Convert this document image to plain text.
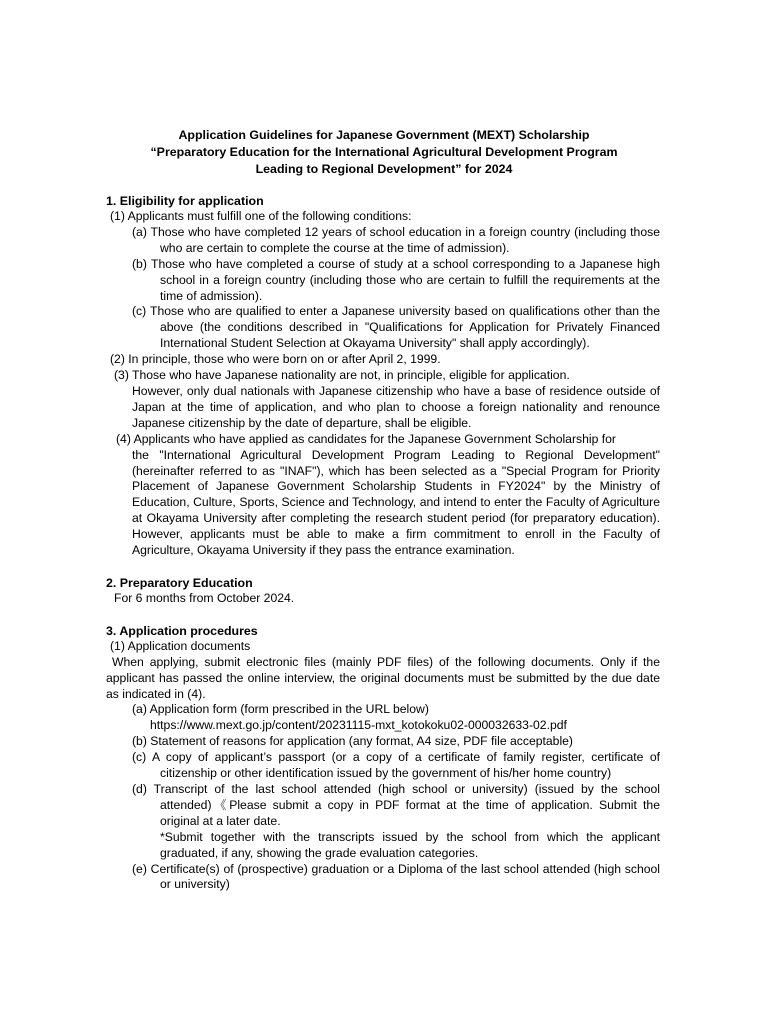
Application Guidelines for Japanese Government (MEXT) Scholarship
“Preparatory Education for the International Agricultural Development Program
Leading to Regional Development” for 2024
1. Eligibility for application

(1) Applicants must fulfill one of the following conditions:

(a) Those who have completed 12 years of school education in a foreign country (including those who are certain to complete the course at the time of admission).

(b) Those who have completed a course of study at a school corresponding to a Japanese high school in a foreign country (including those who are certain to fulfill the requirements at the time of admission).

(c) Those who are qualified to enter a Japanese university based on qualifications other than the above (the conditions described in "Qualifications for Application for Privately Financed International Student Selection at Okayama University" shall apply accordingly).

(2) In principle, those who were born on or after April 2, 1999.

(3) Those who have Japanese nationality are not, in principle, eligible for application.

However, only dual nationals with Japanese citizenship who have a base of residence outside of Japan at the time of application, and who plan to choose a foreign nationality and renounce Japanese citizenship by the date of departure, shall be eligible.

(4) Applicants who have applied as candidates for the Japanese Government Scholarship for

the "International Agricultural Development Program Leading to Regional Development" (hereinafter referred to as "INAF"), which has been selected as a "Special Program for Priority Placement of Japanese Government Scholarship Students in FY2024" by the Ministry of Education, Culture, Sports, Science and Technology, and intend to enter the Faculty of Agriculture at Okayama University after completing the research student period (for preparatory education). However, applicants must be able to make a firm commitment to enroll in the Faculty of Agriculture, Okayama University if they pass the entrance examination.

2. Preparatory Education

For 6 months from October 2024.

3. Application procedures

(1) Application documents

When applying, submit electronic files (mainly PDF files) of the following documents. Only if the applicant has passed the online interview, the original documents must be submitted by the due date as indicated in (4).

(a) Application form (form prescribed in the URL below)

https://www.mext.go.jp/content/20231115-mxt_kotokoku02-000032633-02.pdf

(b) Statement of reasons for application (any format, A4 size, PDF file acceptable)

(c) A copy of applicant’s passport (or a copy of a certificate of family register, certificate of citizenship or other identification issued by the government of his/her home country)

(d) Transcript of the last school attended (high school or university) (issued by the school attended)《Please submit a copy in PDF format at the time of application. Submit the original at a later date.

*Submit together with the transcripts issued by the school from which the applicant graduated, if any, showing the grade evaluation categories.

(e) Certificate(s) of (prospective) graduation or a Diploma of the last school attended (high school or university)
